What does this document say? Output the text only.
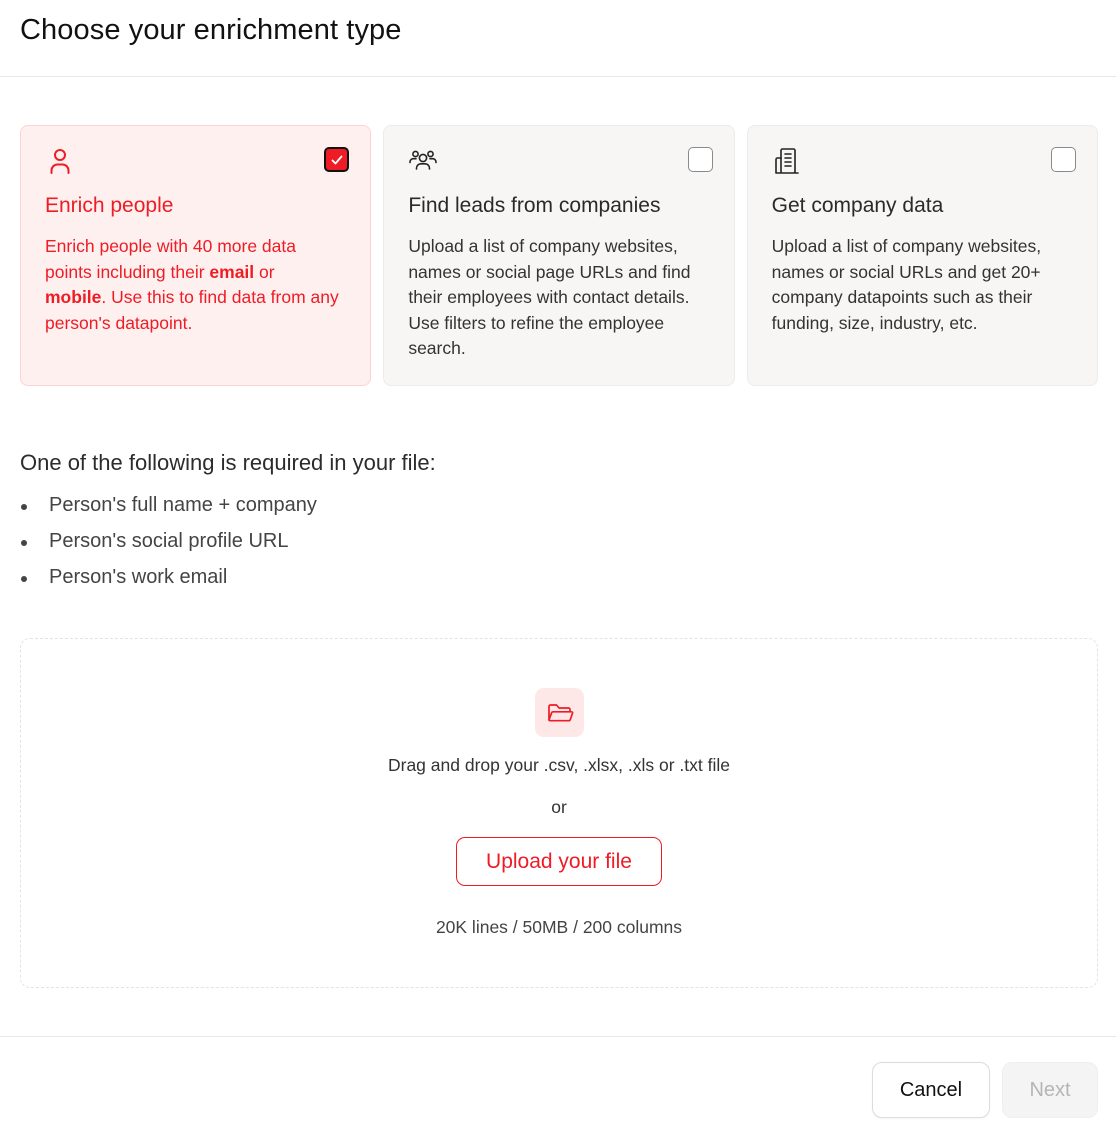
Choose your enrichment type
Enrich people
Enrich people with 40 more data points including their email or mobile. Use this to find data from any person's datapoint.
Find leads from companies
Upload a list of company websites, names or social page URLs and find their employees with contact details. Use filters to refine the employee search.
Get company data
Upload a list of company websites, names or social URLs and get 20+ company datapoints such as their funding, size, industry, etc.
One of the following is required in your file:
Person's full name + company
Person's social profile URL
Person's work email
Drag and drop your .csv, .xlsx, .xls or .txt file
or
Upload your file
20K lines / 50MB / 200 columns
Cancel	Next
